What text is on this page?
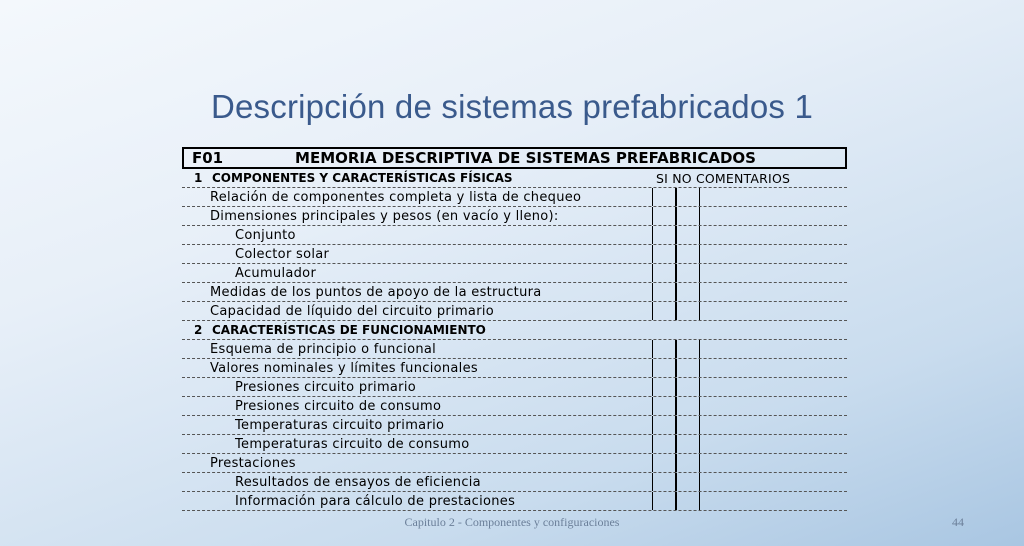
Descripción de sistemas prefabricados 1
F01	MEMORIA DESCRIPTIVA DE SISTEMAS PREFABRICADOS
1 COMPONENTES Y CARACTERÍSTICAS FÍSICAS	SI NO COMENTARIOS
Relación de componentes completa y lista de chequeo
Dimensiones principales y pesos (en vacío y lleno):
Conjunto
Colector solar
Acumulador
Medidas de los puntos de apoyo de la estructura
Capacidad de líquido del circuito primario
2 CARACTERÍSTICAS DE FUNCIONAMIENTO
Esquema de principio o funcional
Valores nominales y límites funcionales
Presiones circuito primario
Presiones circuito de consumo
Temperaturas circuito primario
Temperaturas circuito de consumo
Prestaciones
Resultados de ensayos de eficiencia
Información para cálculo de prestaciones
Capitulo 2 - Componentes y configuraciones	44
